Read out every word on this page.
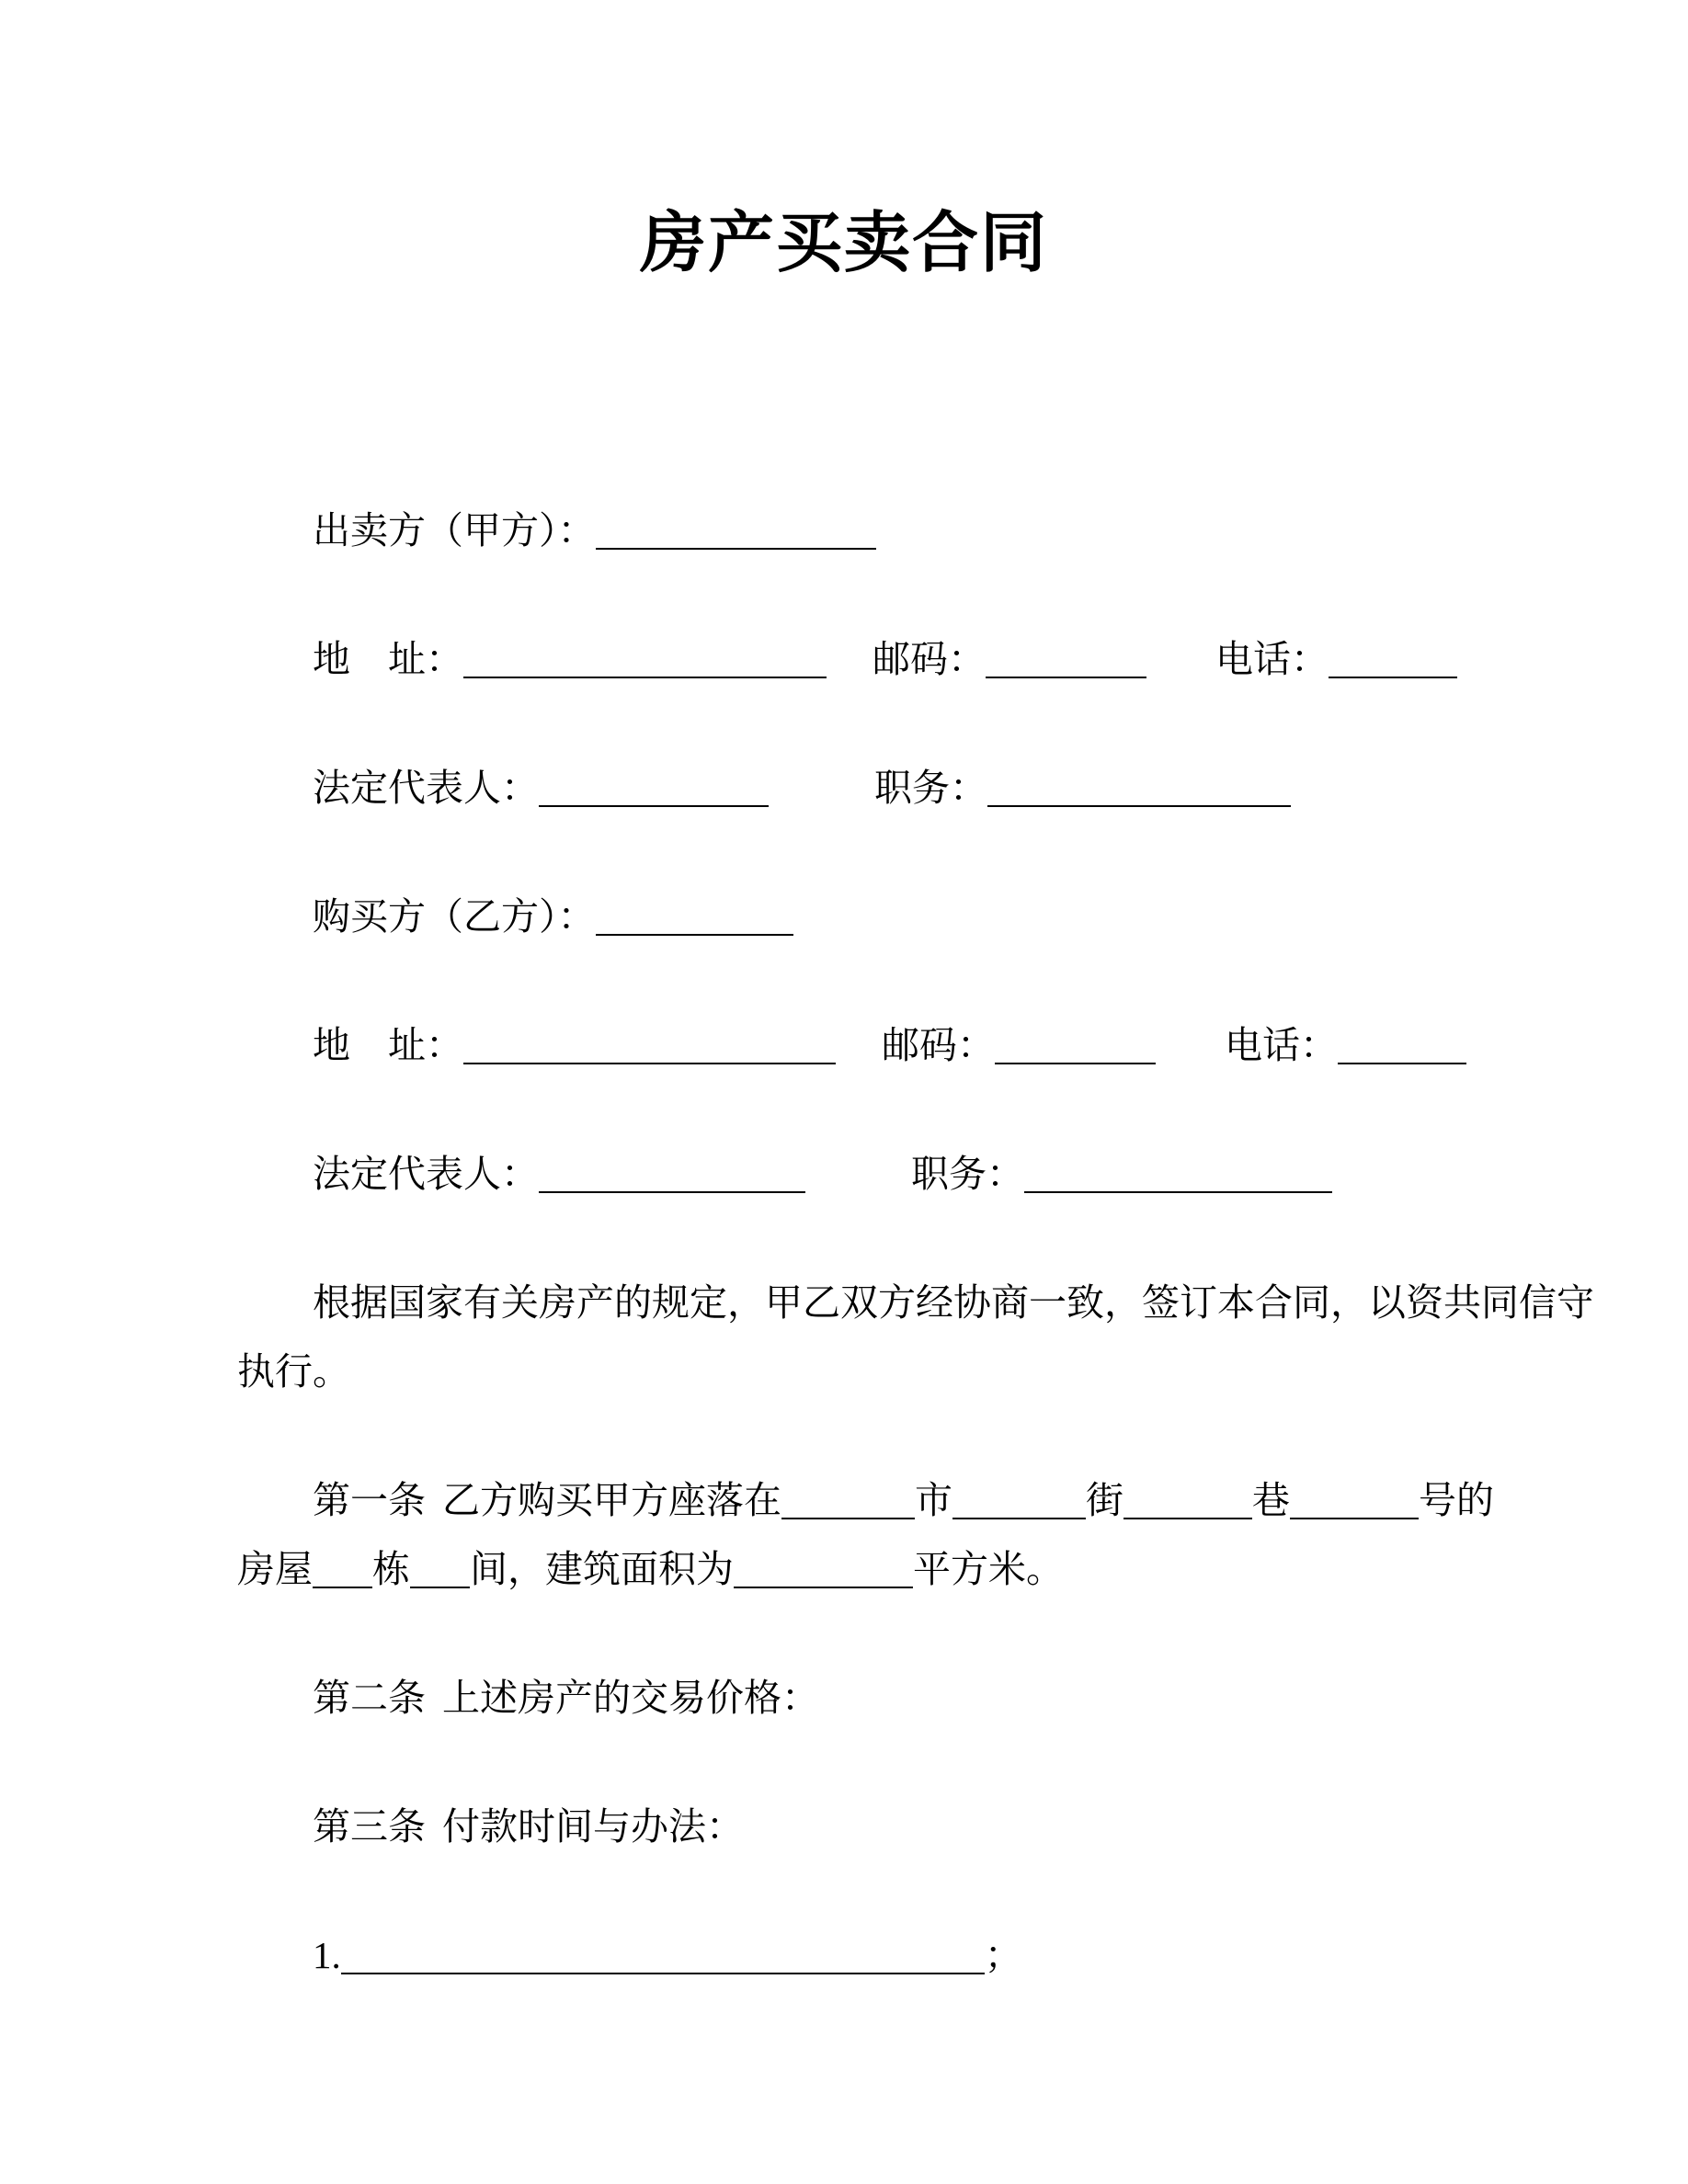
房产买卖合同
出卖方（甲方）：
地　址：	邮码：	电话：
法定代表人：	职务：
购买方（乙方）：
地　址：	邮码：	电话：
法定代表人：	职务：
根据国家有关房产的规定，甲乙双方经协商一致，签订本合同，以资共同信守
执行。
第一条 乙方购买甲方座落在	市	街	巷	号的
房屋 栋 间，建筑面积为	平方米。
第二条 上述房产的交易价格：
第三条 付款时间与办法：
1.	；
